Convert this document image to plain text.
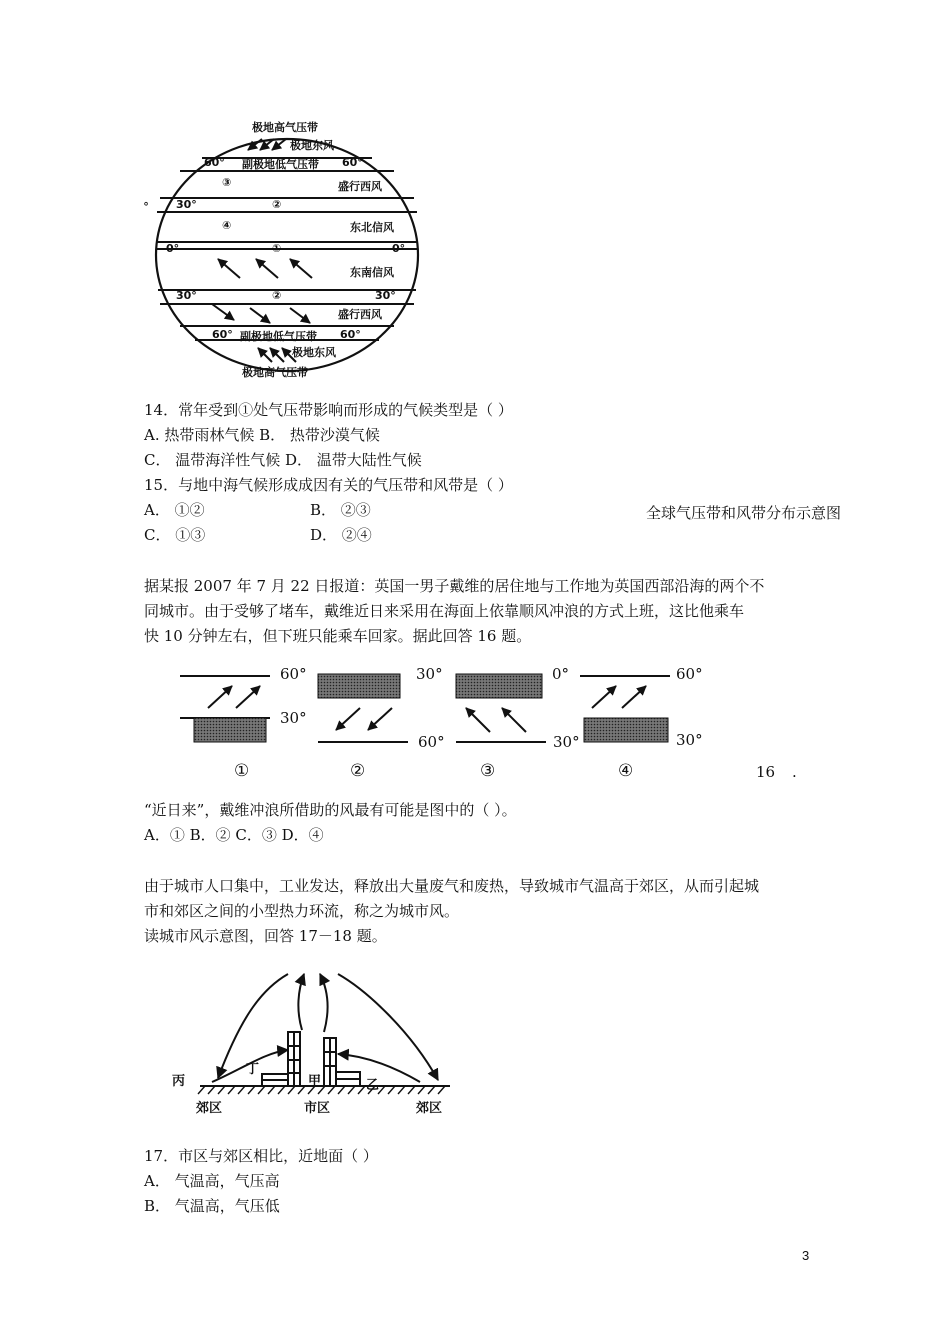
极地高气压带
极地东风
60° 副极地低气压带 60°
③	盛行西风
。 30°	②
④	东北信风
0°	①	0°
东南信风
30°	②	30°
盛行西风
60° 副极地低气压带 60°
极地东风
极地高气压带
14．常年受到①处气压带影响而形成的气候类型是（ ）
A. 热带雨林气候 B． 热带沙漠气候
C． 温带海洋性气候 D． 温带大陆性气候
15．与地中海气候形成成因有关的气压带和风带是（ ）
A． ①②	B． ②③	全球气压带和风带分布示意图
C． ①③	D． ②④
据某报 2007 年 7 月 22 日报道：英国一男子戴维的居住地与工作地为英国西部沿海的两个不
同城市。由于受够了堵车，戴维近日来采用在海面上依靠顺风冲浪的方式上班，这比他乘车
快 10 分钟左右，但下班只能乘车回家。据此回答 16 题。
60°
30°
30°
60°
0°
30°
60°
30°
①	②	③	④	16 .
“近日来”，戴维冲浪所借助的风最有可能是图中的（ ）。
A．① B．② C．③ D．④
由于城市人口集中，工业发达，释放出大量废气和废热，导致城市气温高于郊区，从而引起城
市和郊区之间的小型热力环流，称之为城市风。
读城市风示意图，回答 17－18 题。
丙
丁
甲	乙
郊区	市区	郊区
17．市区与郊区相比，近地面（ ）
A． 气温高，气压高
B． 气温高，气压低
3
